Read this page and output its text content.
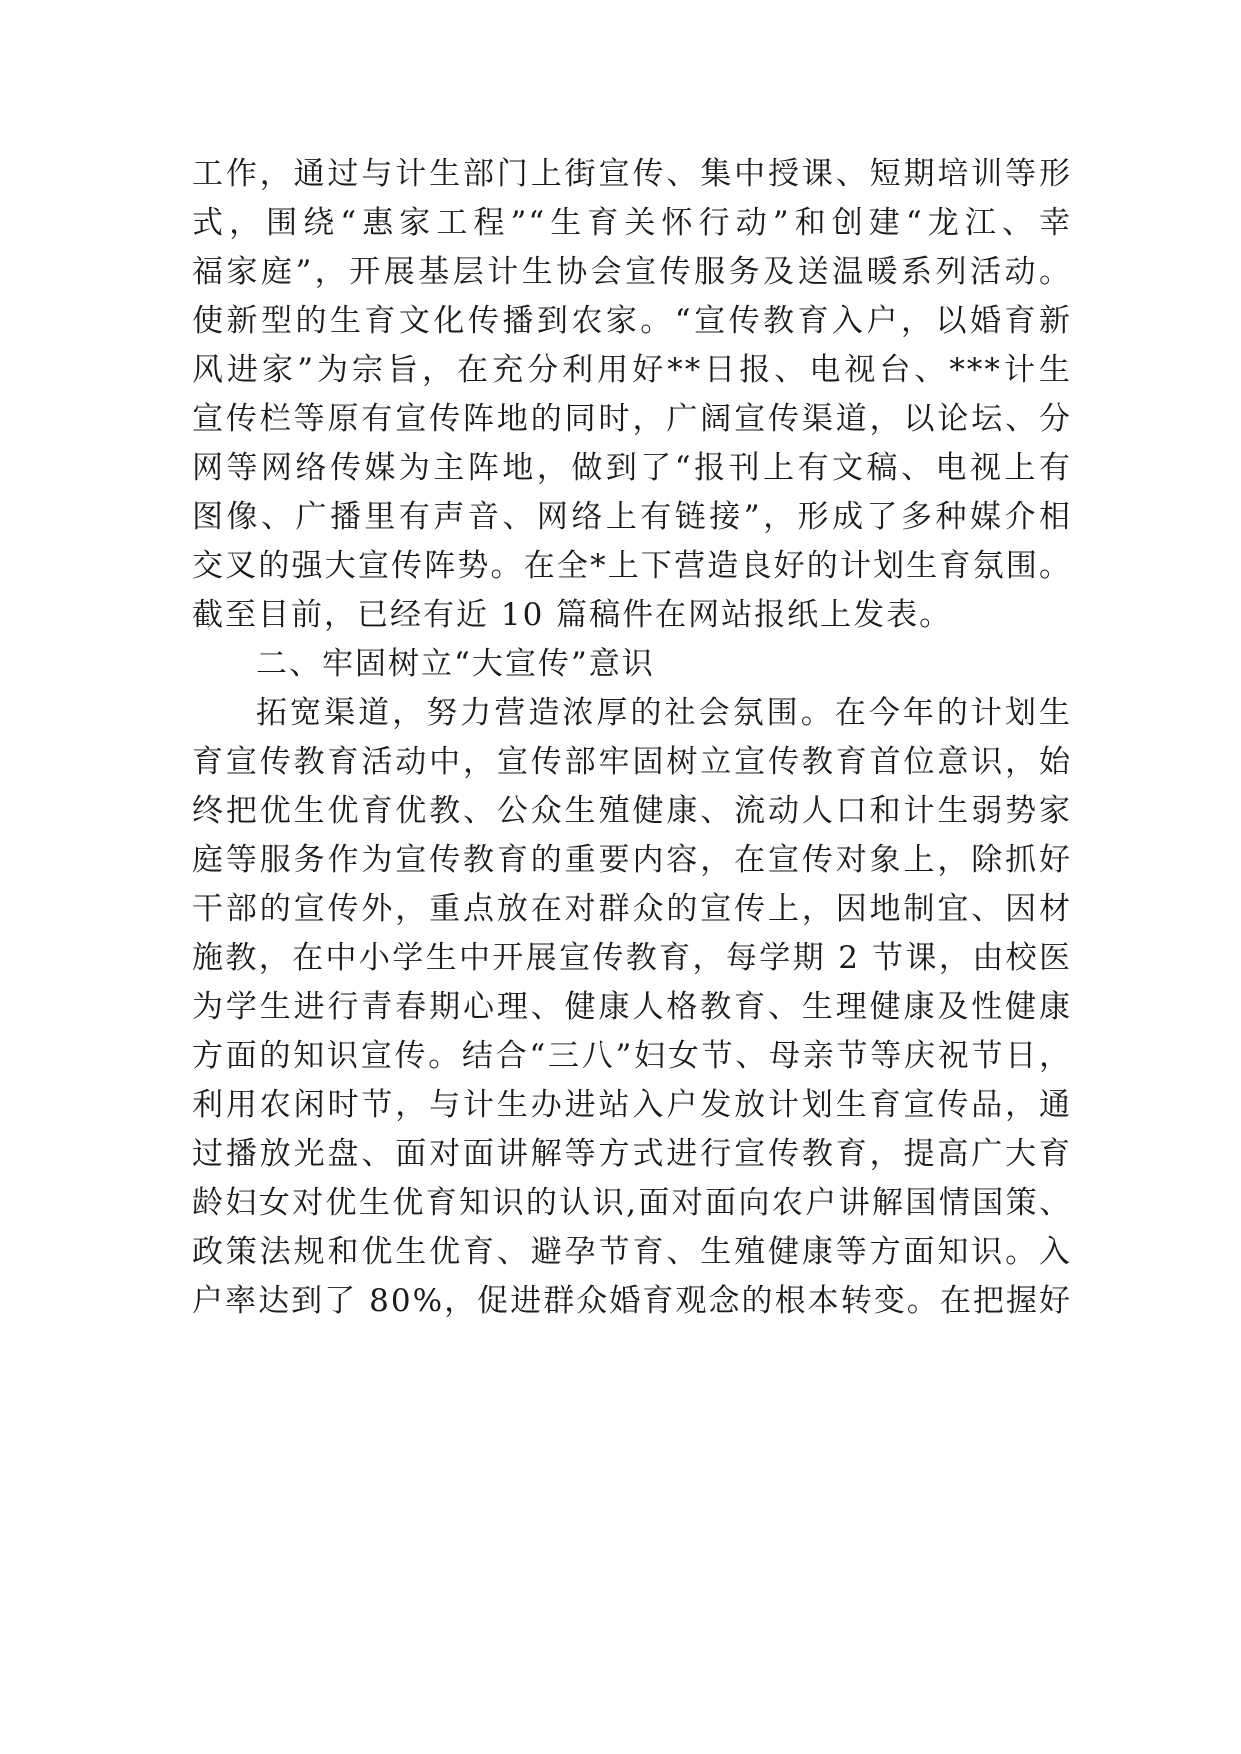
工作，通过与计生部门上街宣传、集中授课、短期培训等形
式，围绕“惠家工程”“生育关怀行动”和创建“龙江、幸
福家庭”，开展基层计生协会宣传服务及送温暖系列活动。
使新型的生育文化传播到农家。“宣传教育入户，以婚育新
风进家”为宗旨，在充分利用好**日报、电视台、***计生
宣传栏等原有宣传阵地的同时，广阔宣传渠道，以论坛、分
网等网络传媒为主阵地，做到了“报刊上有文稿、电视上有
图像、广播里有声音、网络上有链接”，形成了多种媒介相
交叉的强大宣传阵势。在全*上下营造良好的计划生育氛围。
截至目前，已经有近 10 篇稿件在网站报纸上发表。
二、牢固树立“大宣传”意识
拓宽渠道，努力营造浓厚的社会氛围。在今年的计划生
育宣传教育活动中，宣传部牢固树立宣传教育首位意识，始
终把优生优育优教、公众生殖健康、流动人口和计生弱势家
庭等服务作为宣传教育的重要内容，在宣传对象上，除抓好
干部的宣传外，重点放在对群众的宣传上，因地制宜、因材
施教，在中小学生中开展宣传教育，每学期 2 节课，由校医
为学生进行青春期心理、健康人格教育、生理健康及性健康
方面的知识宣传。结合“三八”妇女节、母亲节等庆祝节日，
利用农闲时节，与计生办进站入户发放计划生育宣传品，通
过播放光盘、面对面讲解等方式进行宣传教育，提高广大育
龄妇女对优生优育知识的认识,面对面向农户讲解国情国策、
政策法规和优生优育、避孕节育、生殖健康等方面知识。入
户率达到了 80%，促进群众婚育观念的根本转变。在把握好
